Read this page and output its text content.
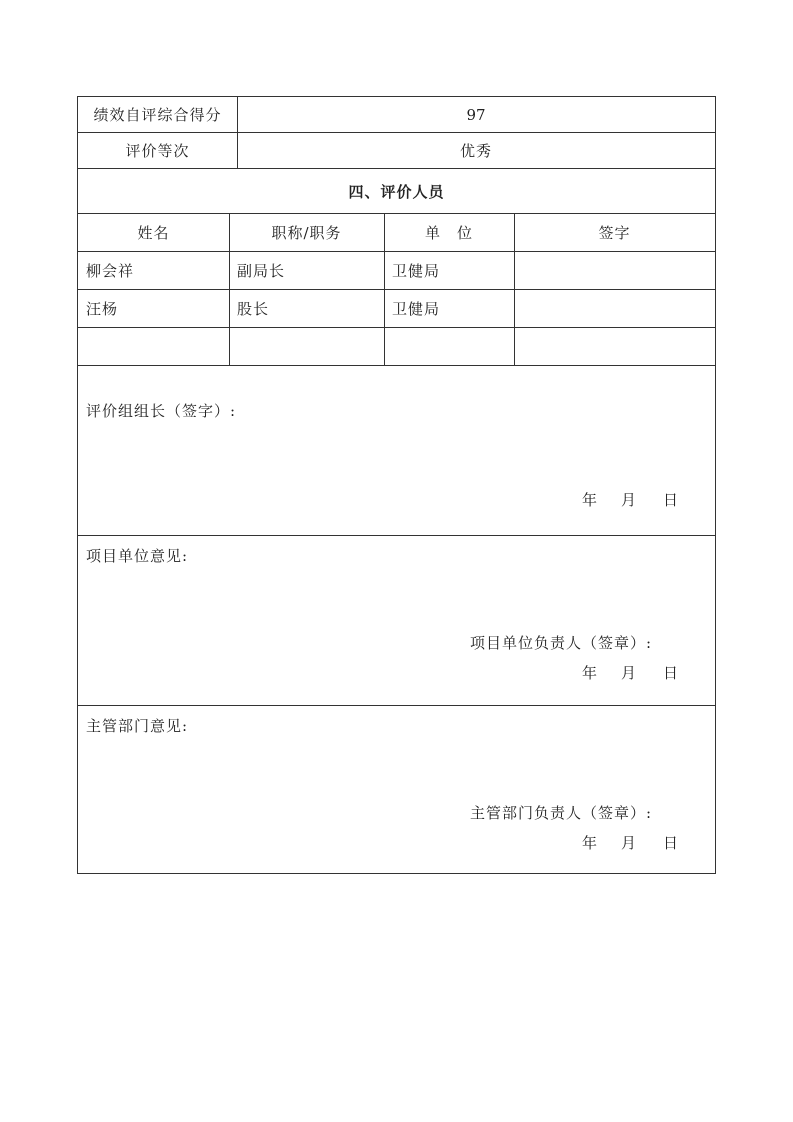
绩效自评综合得分	97
评价等次	优秀
四、评价人员
姓名	职称/职务	单　位	签字
柳会祥	副局长	卫健局
汪杨	股长	卫健局
评价组组长（签字）:
年 月 日
项目单位意见:
项目单位负责人（签章）:
年 月 日
主管部门意见:
主管部门负责人（签章）:
年 月 日
